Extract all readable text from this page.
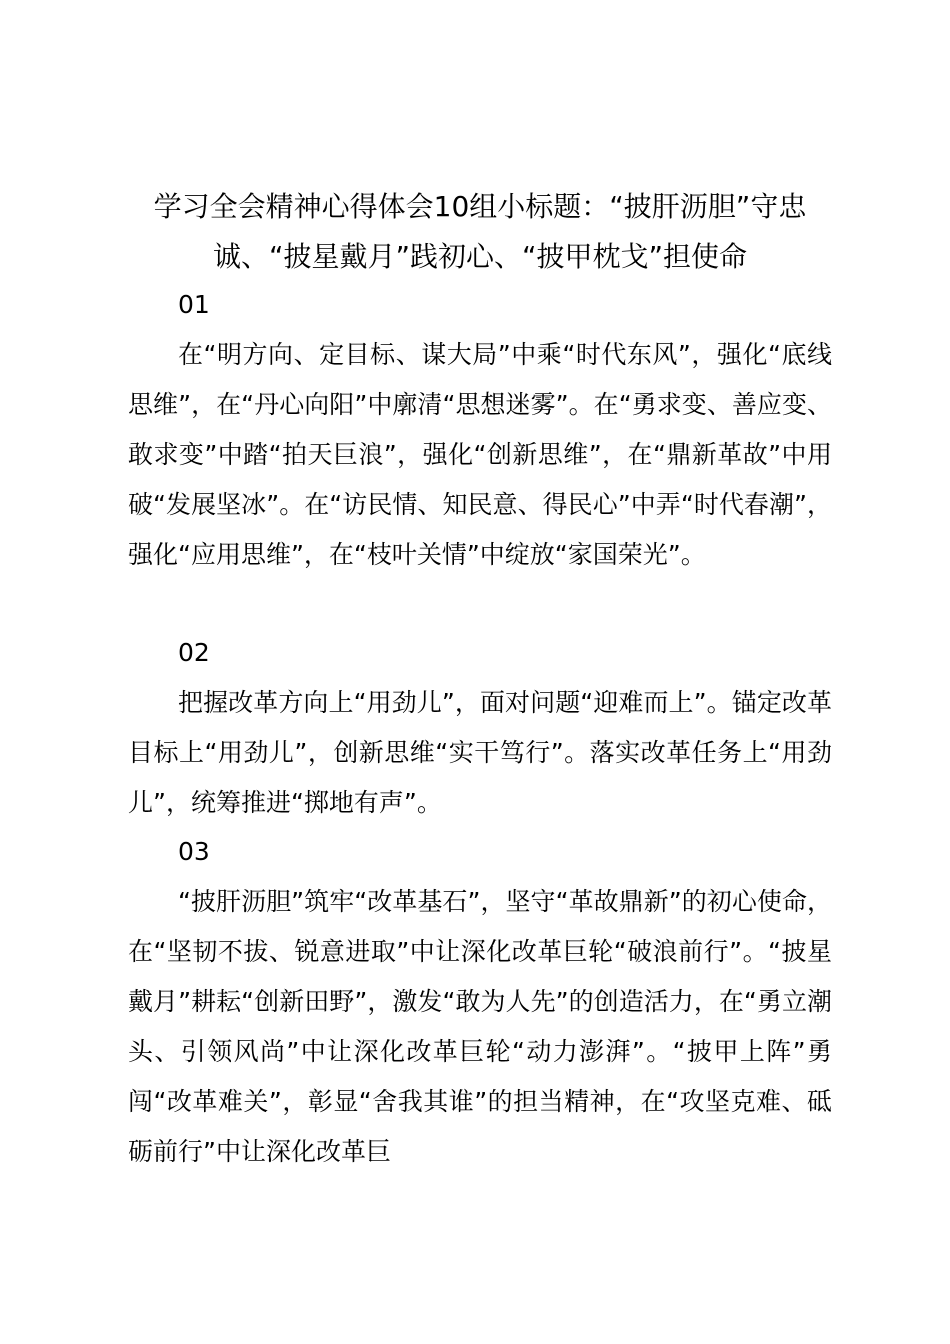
学习全会精神心得体会10组小标题：“披肝沥胆”守忠诚、“披星戴月”践初心、“披甲枕戈”担使命

01

在“明方向、定目标、谋大局”中乘“时代东风”，强化“底线思维”，在“丹心向阳”中廓清“思想迷雾”。在“勇求变、善应变、敢求变”中踏“拍天巨浪”，强化“创新思维”，在“鼎新革故”中用破“发展坚冰”。在“访民情、知民意、得民心”中弄“时代春潮”，强化“应用思维”，在“枝叶关情”中绽放“家国荣光”。

02

把握改革方向上“用劲儿”，面对问题“迎难而上”。锚定改革目标上“用劲儿”，创新思维“实干笃行”。落实改革任务上“用劲儿”，统筹推进“掷地有声”。

03

“披肝沥胆”筑牢“改革基石”，坚守“革故鼎新”的初心使命，在“坚韧不拔、锐意进取”中让深化改革巨轮“破浪前行”。“披星戴月”耕耘“创新田野”，激发“敢为人先”的创造活力，在“勇立潮头、引领风尚”中让深化改革巨轮“动力澎湃”。“披甲上阵”勇闯“改革难关”，彰显“舍我其谁”的担当精神，在“攻坚克难、砥砺前行”中让深化改革巨
